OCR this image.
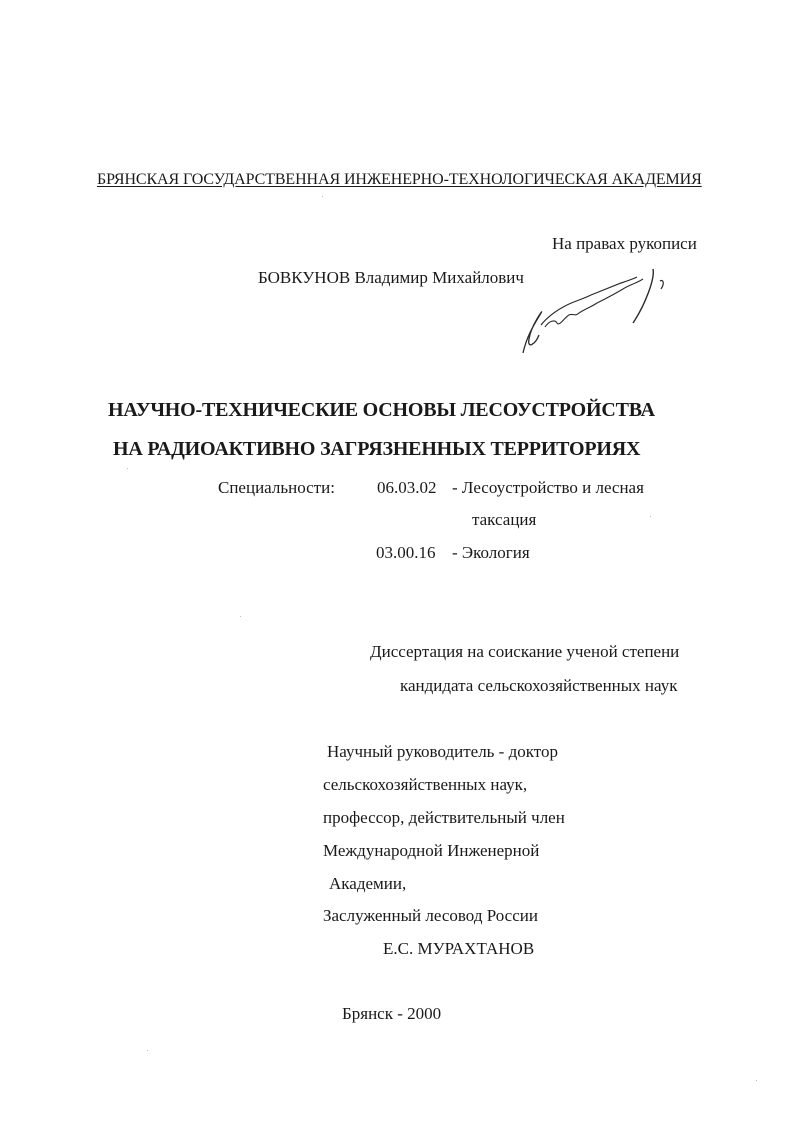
БРЯНСКАЯ ГОСУДАРСТВЕННАЯ ИНЖЕНЕРНО-ТЕХНОЛОГИЧЕСКАЯ АКАДЕМИЯ
На правах рукописи
БОВКУНОВ Владимир Михайлович
НАУЧНО-ТЕХНИЧЕСКИЕ ОСНОВЫ ЛЕСОУСТРОЙСТВА
НА РАДИОАКТИВНО ЗАГРЯЗНЕННЫХ ТЕРРИТОРИЯХ
Специальности: 06.03.02 - Лесоустройство и лесная
таксация
03.00.16 - Экология
Диссертация на соискание ученой степени
кандидата сельскохозяйственных наук
Научный руководитель - доктор
сельскохозяйственных наук,
профессор, действительный член
Международной Инженерной
Академии,
Заслуженный лесовод России
Е.С. МУРАХТАНОВ
Брянск - 2000
